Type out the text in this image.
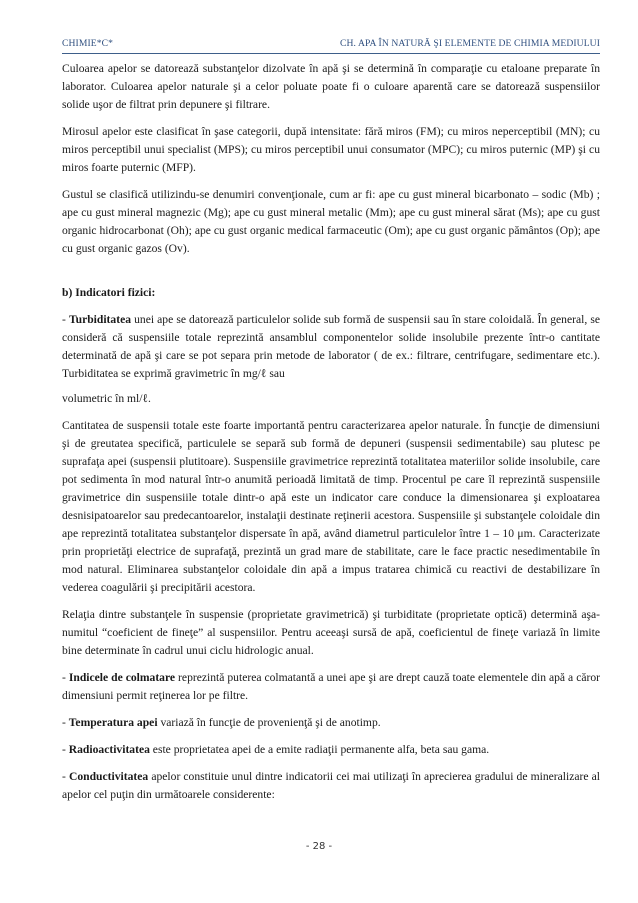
CHIMIE*C*	CH. APA ÎN NATURĂ ŞI ELEMENTE DE CHIMIA MEDIULUI

Culoarea apelor se datorează substanţelor dizolvate în apă şi se determină în comparaţie cu etaloane preparate în laborator. Culoarea apelor naturale şi a celor poluate poate fi o culoare aparentă care se datorează suspensiilor solide uşor de filtrat prin depunere şi filtrare.

Mirosul apelor este clasificat în şase categorii, după intensitate: fără miros (FM); cu miros neperceptibil (MN); cu miros perceptibil unui specialist (MPS); cu miros perceptibil unui consumator (MPC); cu miros puternic (MP) şi cu miros foarte puternic (MFP).

Gustul se clasifică utilizindu-se denumiri convenţionale, cum ar fi: ape cu gust mineral bicarbonato – sodic (Mb) ; ape cu gust mineral magnezic (Mg); ape cu gust mineral metalic (Mm); ape cu gust mineral sărat (Ms); ape cu gust organic hidrocarbonat (Oh); ape cu gust organic medical farmaceutic (Om); ape cu gust organic pământos (Op); ape cu gust organic gazos (Ov).

b) Indicatori fizici:

- Turbiditatea unei ape se datorează particulelor solide sub formă de suspensii sau în stare coloidală. În general, se consideră că suspensiile totale reprezintă ansamblul componentelor solide insolubile prezente într-o cantitate determinată de apă şi care se pot separa prin metode de laborator ( de ex.: filtrare, centrifugare, sedimentare etc.). Turbiditatea se exprimă gravimetric în mg/ℓ sau
volumetric în ml/ℓ.

Cantitatea de suspensii totale este foarte importantă pentru caracterizarea apelor naturale. În funcţie de dimensiuni şi de greutatea specifică, particulele se separă sub formă de depuneri (suspensii sedimentabile) sau plutesc pe suprafaţa apei (suspensii plutitoare). Suspensiile gravimetrice reprezintă totalitatea materiilor solide insolubile, care pot sedimenta în mod natural într-o anumită perioadă limitată de timp. Procentul pe care îl reprezintă suspensiile gravimetrice din suspensiile totale dintr-o apă este un indicator care conduce la dimensionarea şi exploatarea desnisipatoarelor sau predecantoarelor, instalaţii destinate reţinerii acestora. Suspensiile şi substanţele coloidale din ape reprezintă totalitatea substanţelor dispersate în apă, având diametrul particulelor între 1 – 10 μm. Caracterizate prin proprietăţi electrice de suprafaţă, prezintă un grad mare de stabilitate, care le face practic nesedimentabile în mod natural. Eliminarea substanţelor coloidale din apă a impus tratarea chimică cu reactivi de destabilizare în vederea coagulării şi precipitării acestora.

Relaţia dintre substanţele în suspensie (proprietate gravimetrică) şi turbiditate (proprietate optică) determină aşa-numitul “coeficient de fineţe” al suspensiilor. Pentru aceeaşi sursă de apă, coeficientul de fineţe variază în limite bine determinate în cadrul unui ciclu hidrologic anual.

- Indicele de colmatare reprezintă puterea colmatantă a unei ape şi are drept cauză toate elementele din apă a căror dimensiuni permit reţinerea lor pe filtre.

- Temperatura apei variază în funcţie de provenienţă şi de anotimp.

- Radioactivitatea este proprietatea apei de a emite radiaţii permanente alfa, beta sau gama.

- Conductivitatea apelor constituie unul dintre indicatorii cei mai utilizaţi în aprecierea gradului de mineralizare al apelor cel puţin din următoarele considerente:

- 28 -
